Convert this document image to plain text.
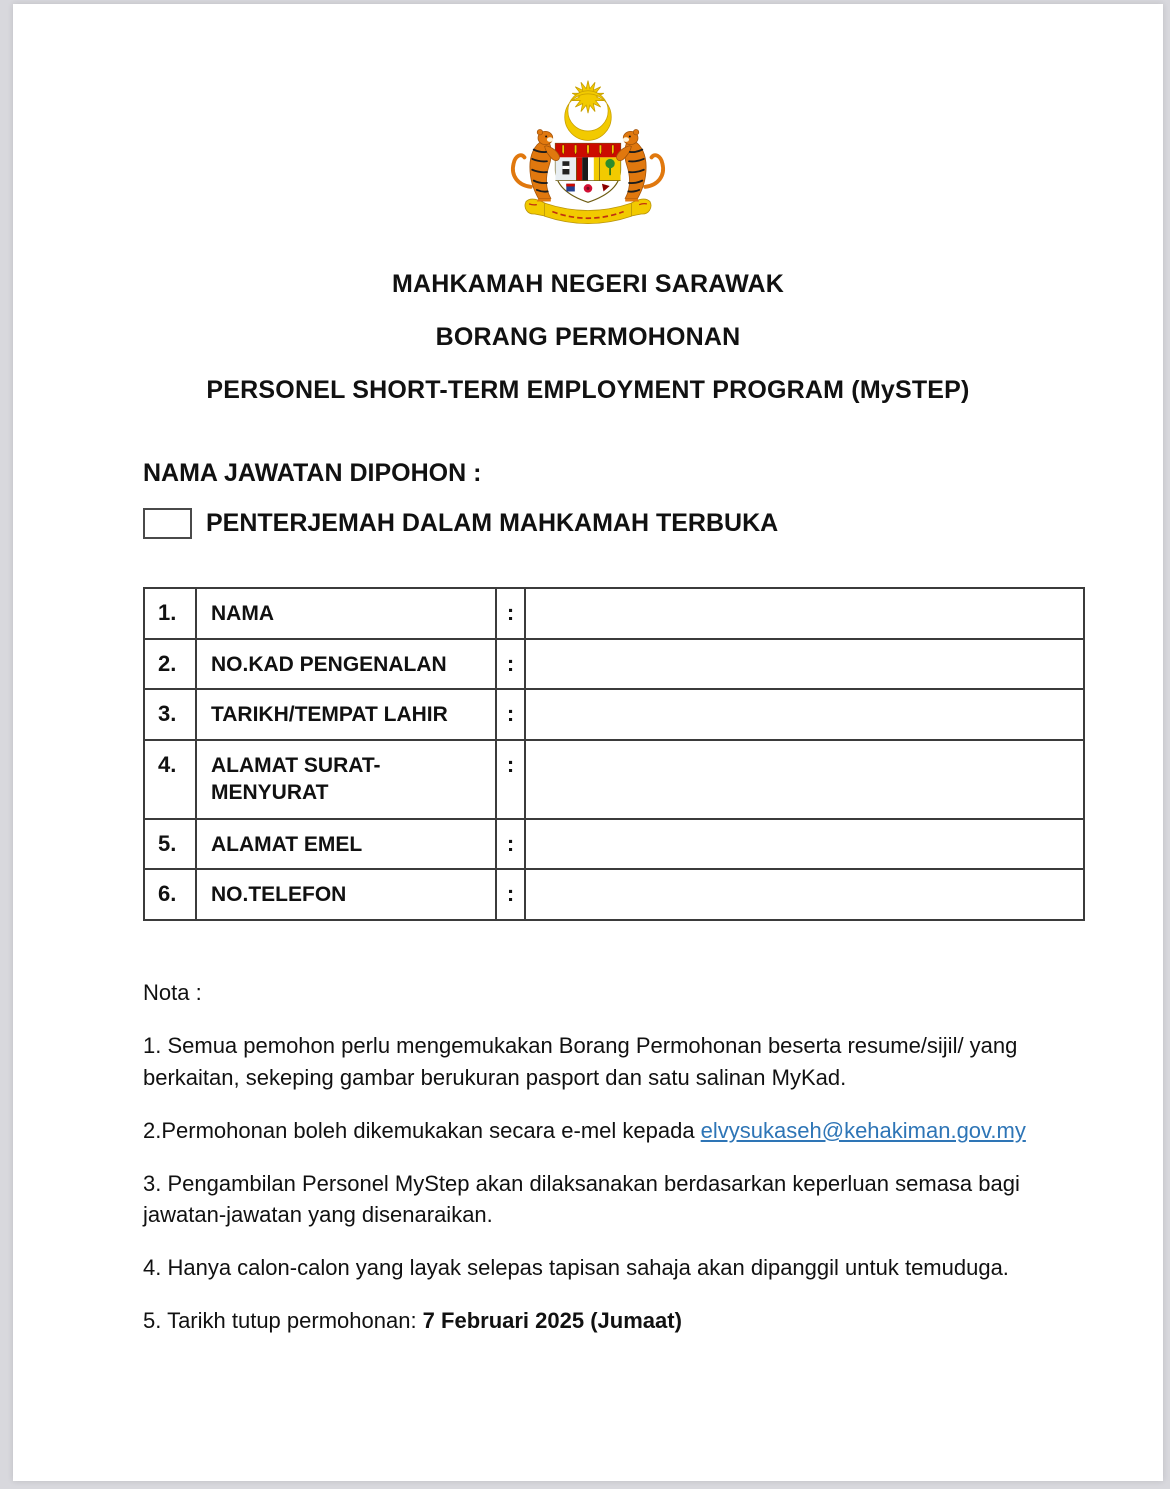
MAHKAMAH NEGERI SARAWAK
BORANG PERMOHONAN
PERSONEL SHORT-TERM EMPLOYMENT PROGRAM (MySTEP)
NAMA JAWATAN DIPOHON :
PENTERJEMAH DALAM MAHKAMAH TERBUKA
1.	NAMA	:	
2.	NO.KAD PENGENALAN	:	
3.	TARIKH/TEMPAT LAHIR	:	
4.	ALAMAT SURAT-MENYURAT	:	
5.	ALAMAT EMEL	:	
6.	NO.TELEFON	:	

Nota :

1. Semua pemohon perlu mengemukakan Borang Permohonan beserta resume/sijil/ yang berkaitan, sekeping gambar berukuran pasport dan satu salinan MyKad.

2.Permohonan boleh dikemukakan secara e-mel kepada elvysukaseh@kehakiman.gov.my

3. Pengambilan Personel MyStep akan dilaksanakan berdasarkan keperluan semasa bagi jawatan-jawatan yang disenaraikan.

4. Hanya calon-calon yang layak selepas tapisan sahaja akan dipanggil untuk temuduga.

5. Tarikh tutup permohonan: 7 Februari 2025 (Jumaat)
